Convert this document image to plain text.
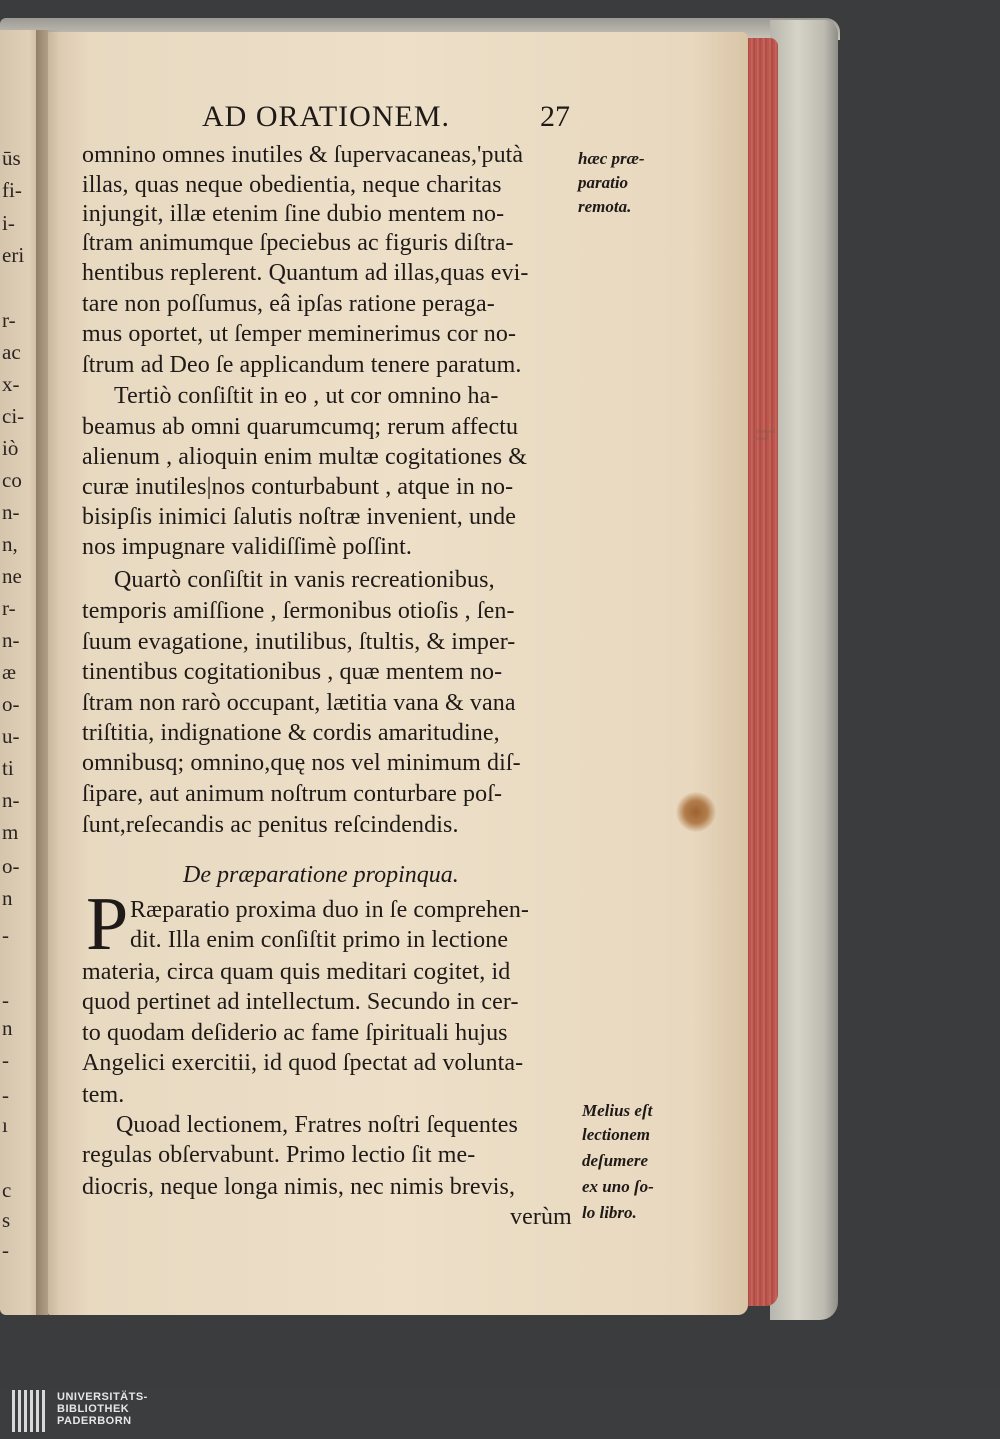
ūs
fi-
i-
eri
r-
ac
x-
ci-
iò
co
n-
n,
ne
r-
n-
æ
o-
u-
ti
n-
m
o-
n
-
-
n
-
-
ı
c
s
-
ħ
AD ORATIONEM.	27
omnino omnes inutiles & ſupervacaneas,'putà
illas, quas neque obedientia, neque charitas
injungit, illæ etenim ſine dubio mentem no-
ſtram animumque ſpeciebus ac figuris diſtra-
hentibus replerent. Quantum ad illas,quas evi-
tare non poſſumus, eâ ipſas ratione peraga-
mus oportet, ut ſemper meminerimus cor no-
ſtrum ad Deo ſe applicandum tenere paratum.
Tertiò conſiſtit in eo , ut cor omnino ha-
beamus ab omni quarumcumq; rerum affectu
alienum , alioquin enim multæ cogitationes &
curæ inutiles|nos conturbabunt , atque in no-
bisipſis inimici ſalutis noſtræ invenient, unde
nos impugnare validiſſimè poſſint.
Quartò conſiſtit in vanis recreationibus,
temporis amiſſione , ſermonibus otioſis , ſen-
ſuum evagatione, inutilibus, ſtultis, & imper-
tinentibus cogitationibus , quæ mentem no-
ſtram non rarò occupant, lætitia vana & vana
triſtitia, indignatione & cordis amaritudine,
omnibusq; omnino,quę nos vel minimum diſ-
ſipare, aut animum noſtrum conturbare poſ-
ſunt,reſecandis ac penitus reſcindendis.
De præparatione propinqua.
P Ræparatio proxima duo in ſe comprehen-
dit. Illa enim conſiſtit primo in lectione
materia, circa quam quis meditari cogitet, id
quod pertinet ad intellectum. Secundo in cer-
to quodam deſiderio ac fame ſpirituali hujus
Angelici exercitii, id quod ſpectat ad volunta-
tem.
Quoad lectionem, Fratres noſtri ſequentes
regulas obſervabunt. Primo lectio ſit me-
diocris, neque longa nimis, nec nimis brevis,
verùm
hæc præ-
paratio
remota.
Melius eſt
lectionem
deſumere
ex uno ſo-
lo libro.
UNIVERSITÄTS-
BIBLIOTHEK
PADERBORN
